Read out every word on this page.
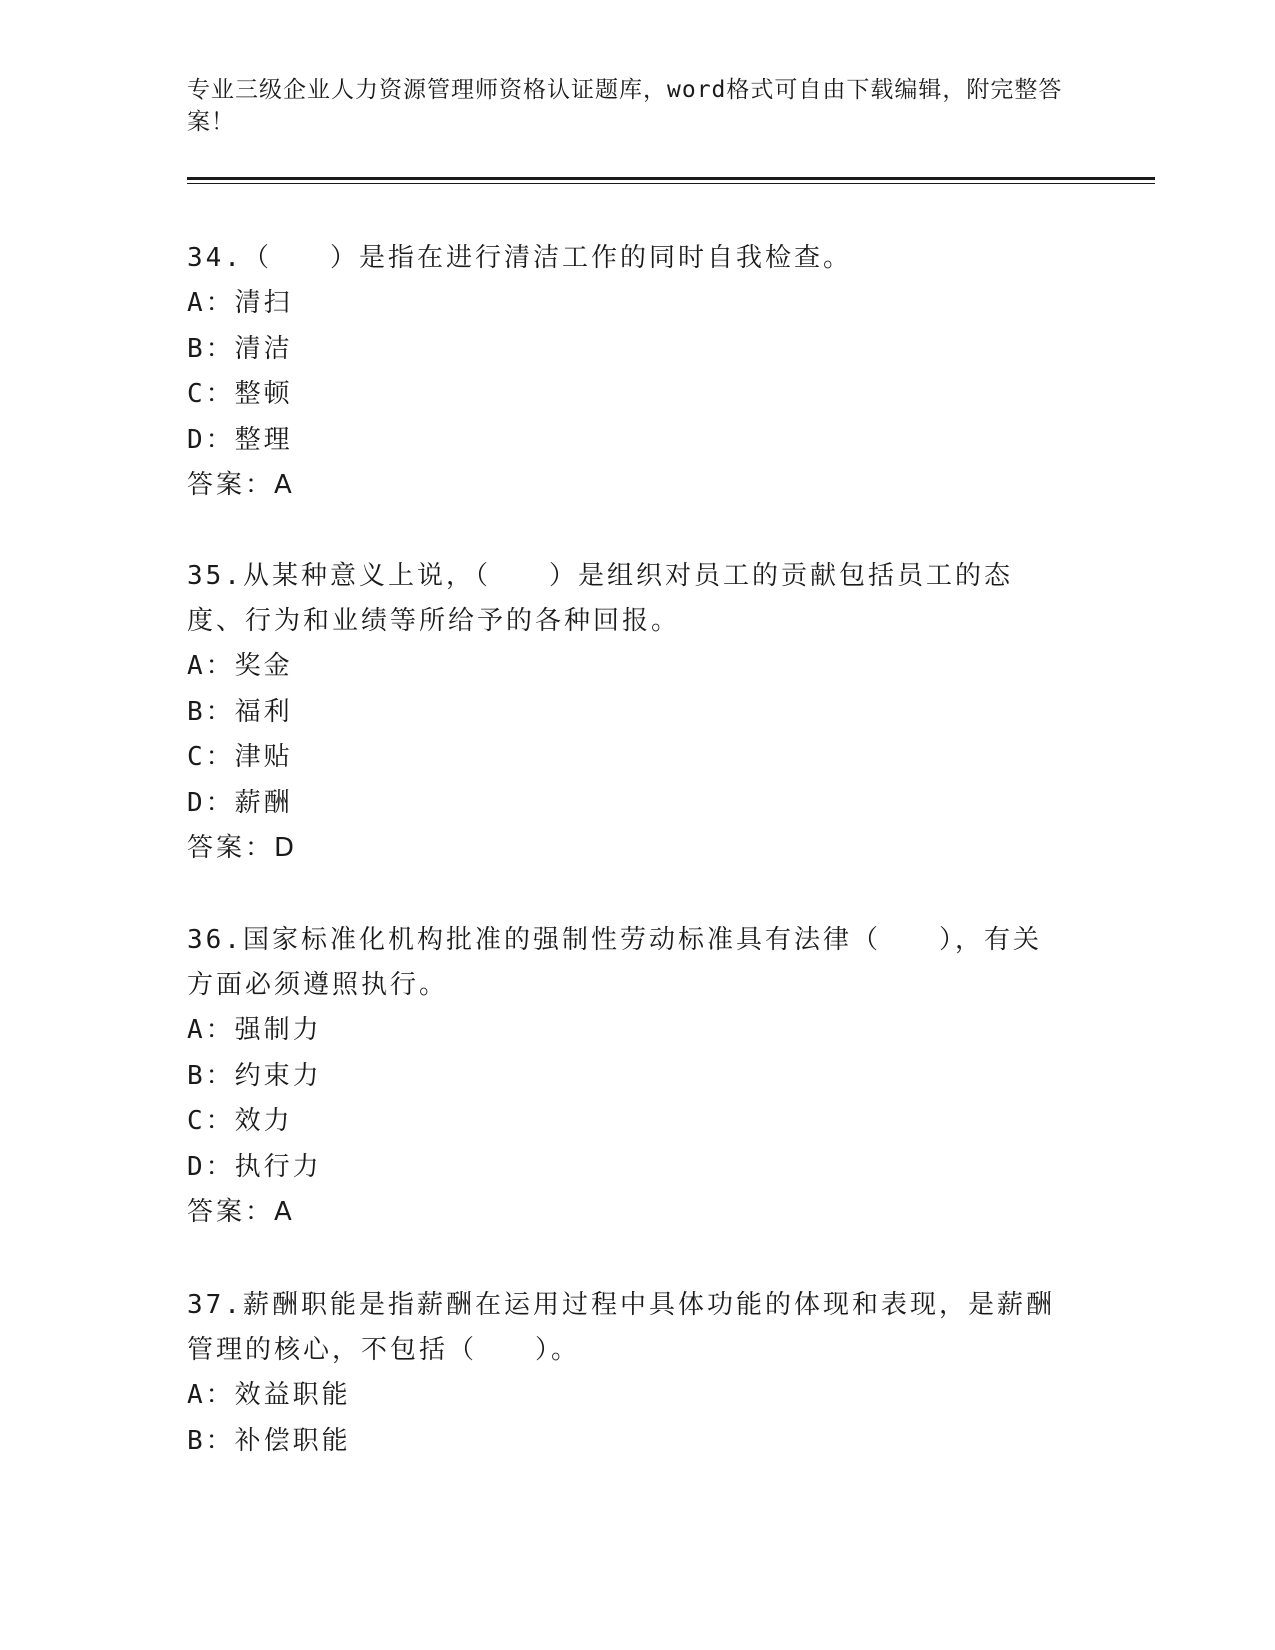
专业三级企业人力资源管理师资格认证题库，word格式可自由下载编辑，附完整答案！
34.（　　）是指在进行清洁工作的同时自我检查。
A：清扫
B：清洁
C：整顿
D：整理
答案：A
35.从某种意义上说，（　　）是组织对员工的贡献包括员工的态度、行为和业绩等所给予的各种回报。
A：奖金
B：福利
C：津贴
D：薪酬
答案：D
36.国家标准化机构批准的强制性劳动标准具有法律（　　），有关方面必须遵照执行。
A：强制力
B：约束力
C：效力
D：执行力
答案：A
37.薪酬职能是指薪酬在运用过程中具体功能的体现和表现，是薪酬管理的核心，不包括（　　）。
A：效益职能
B：补偿职能
